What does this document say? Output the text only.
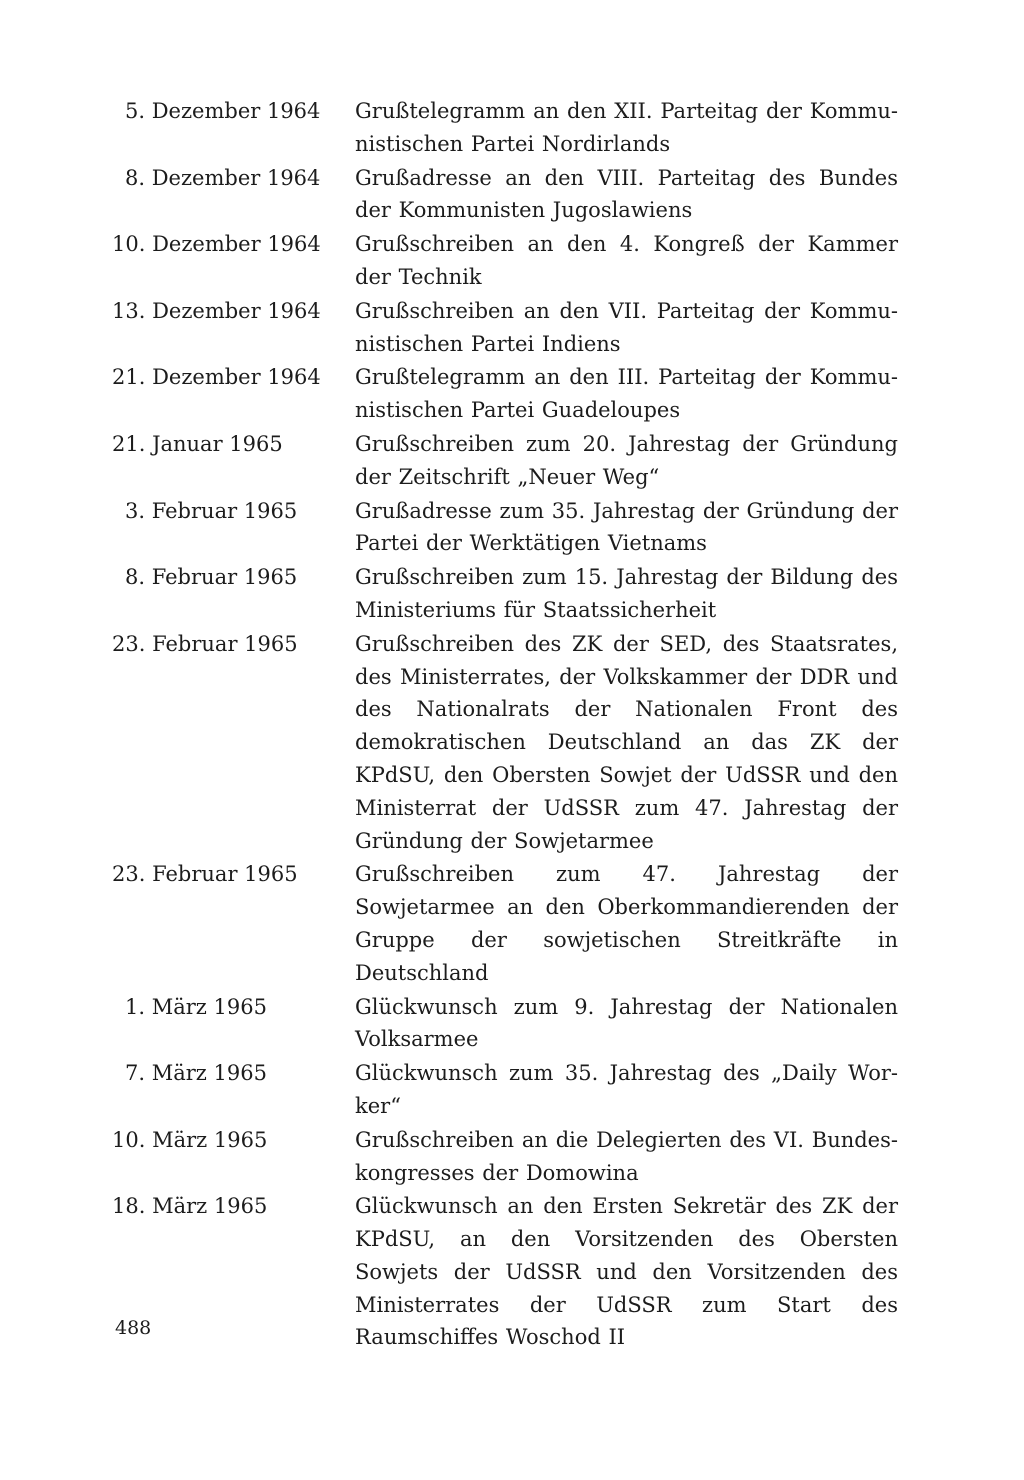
5. Dezember 1964	Grußtelegramm an den XII. Parteitag der Kommunistischen Partei Nordirlands
8. Dezember 1964	Grußadresse an den VIII. Parteitag des Bundes der Kommunisten Jugoslawiens
10. Dezember 1964 Grußschreiben an den 4. Kongreß der Kammer der Technik
13. Dezember 1964 Grußschreiben an den VII. Parteitag der Kommunistischen Partei Indiens
21. Dezember 1964 Grußtelegramm an den III. Parteitag der Kommunistischen Partei Guadeloupes
21. Januar 1965	Grußschreiben zum 20. Jahrestag der Gründung der Zeitschrift „Neuer Weg“
3. Februar 1965	Grußadresse zum 35. Jahrestag der Gründung der Partei der Werktätigen Vietnams
8. Februar 1965	Grußschreiben zum 15. Jahrestag der Bildung des Ministeriums für Staatssicherheit
23. Februar 1965	Grußschreiben des ZK der SED, des Staatsrates, des Ministerrates, der Volkskammer der DDR und des Nationalrats der Nationalen Front des demokratischen Deutschland an das ZK der KPdSU, den Obersten Sowjet der UdSSR und den Ministerrat der UdSSR zum 47. Jahrestag der Gründung der Sowjetarmee
23. Februar 1965	Grußschreiben zum 47. Jahrestag der Sowjetarmee an den Oberkommandierenden der Gruppe der sowjetischen Streitkräfte in Deutschland
1. März 1965	Glückwunsch zum 9. Jahrestag der Nationalen Volksarmee
7. März 1965	Glückwunsch zum 35. Jahrestag des „Daily Worker“
10. März 1965	Grußschreiben an die Delegierten des VI. Bundeskongresses der Domowina
18. März 1965	Glückwunsch an den Ersten Sekretär des ZK der KPdSU, an den Vorsitzenden des Obersten Sowjets der UdSSR und den Vorsitzenden des Ministerrates der UdSSR zum Start des Raumschiffes Woschod II
488
